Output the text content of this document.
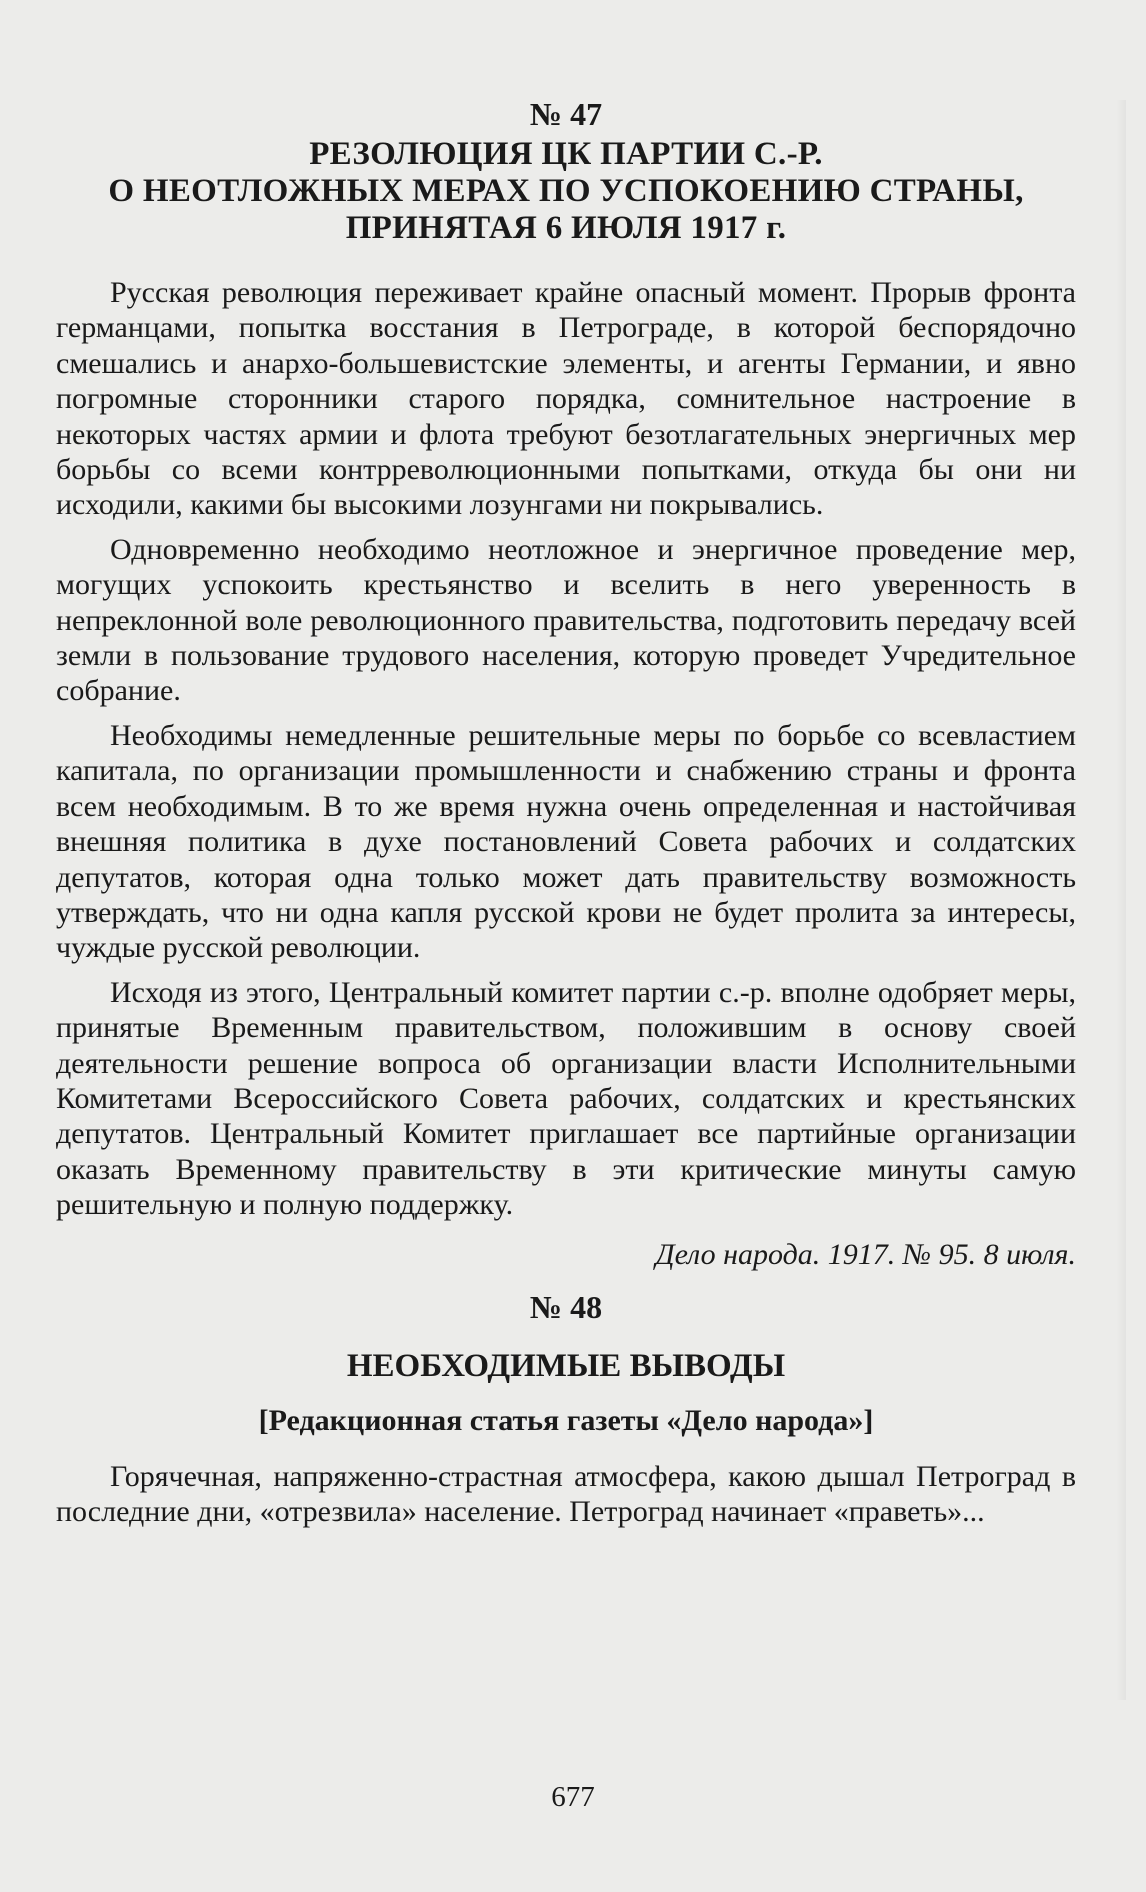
№ 47
РЕЗОЛЮЦИЯ ЦК ПАРТИИ С.-Р.
О НЕОТЛОЖНЫХ МЕРАХ ПО УСПОКОЕНИЮ СТРАНЫ,
ПРИНЯТАЯ 6 ИЮЛЯ 1917 г.

Русская революция переживает крайне опасный момент. Прорыв фронта германцами, попытка восстания в Петрограде, в которой беспорядочно смешались и анархо-большевистские элементы, и агенты Германии, и явно погромные сторонники старого порядка, сомнительное настроение в некоторых частях армии и флота требуют безотлагательных энергичных мер борьбы со всеми контрреволюционными попытками, откуда бы они ни исходили, какими бы высокими лозунгами ни покрывались.

Одновременно необходимо неотложное и энергичное проведение мер, могущих успокоить крестьянство и вселить в него уверенность в непреклонной воле революционного правительства, подготовить передачу всей земли в пользование трудового населения, которую проведет Учредительное собрание.

Необходимы немедленные решительные меры по борьбе со всевластием капитала, по организации промышленности и снабжению страны и фронта всем необходимым. В то же время нужна очень определенная и настойчивая внешняя политика в духе постановлений Совета рабочих и солдатских депутатов, которая одна только может дать правительству возможность утверждать, что ни одна капля русской крови не будет пролита за интересы, чуждые русской революции.

Исходя из этого, Центральный комитет партии с.-р. вполне одобряет меры, принятые Временным правительством, положившим в основу своей деятельности решение вопроса об организации власти Исполнительными Комитетами Всероссийского Совета рабочих, солдатских и крестьянских депутатов. Центральный Комитет приглашает все партийные организации оказать Временному правительству в эти критические минуты самую решительную и полную поддержку.

Дело народа. 1917. № 95. 8 июля.

№ 48
НЕОБХОДИМЫЕ ВЫВОДЫ
[Редакционная статья газеты «Дело народа»]

Горячечная, напряженно-страстная атмосфера, какою дышал Петроград в последние дни, «отрезвила» население. Петроград начинает «праветь»...

677
